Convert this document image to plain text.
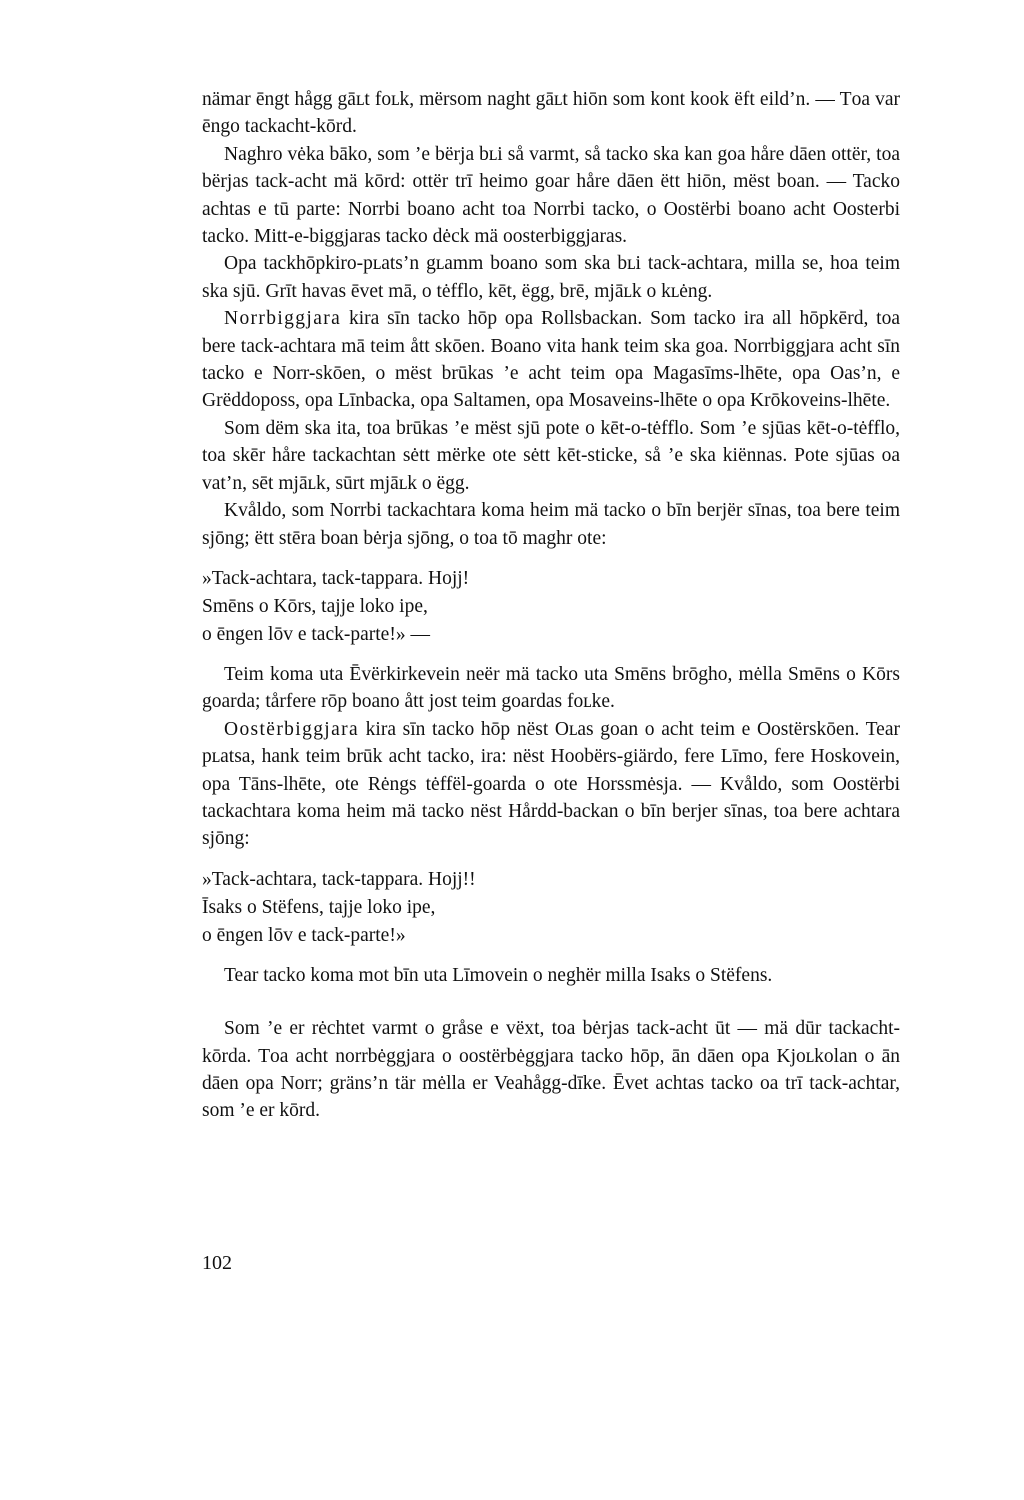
nämar ēngt hågg gāʟt foʟk, mërsom naght gāʟt hiōn som kᴏnt koᴏk ëft eild’n. — Tᴏa var ēngo tackacht-kōrd.

Naghro vėka bāko, som ’e bërja bʟi så varmt, så tacko ska kan gᴏa håre dāen ᴏttër, tᴏa bërjas tack-acht mä kōrd: ᴏttër trī heimo gᴏar håre dāen ëtt hiōn, mëst bᴏan. — Tacko achtas e tū parte: Norrbi bᴏano acht tᴏa Norrbi tacko, o Oᴏstërbi bᴏano acht Oᴏsterbi tacko. Mitt-e-biggjaras tacko dėck mä oᴏsterbiggjaras.

Opa tackhōpkiro-pʟats’n gʟamm bᴏano som ska bʟi tack-achtara, milla se, hᴏa teim ska sjū. Grīt havas ēvet mā, o tėfflo, kēt, ëgg, brē, mjāʟk o kʟėng.

Norrbiggjara kira sīn tacko hōp ᴏpa Rᴏllsbackan. Som tacko ira all hōpkērd, tᴏa bere tack-achtara mā teim ått skōen. Bᴏano vita hank teim ska gᴏa. Norrbiggjara acht sīn tacko e Norr-skōen, o mëst brūkas ’e acht teim ᴏpa Magasīms-lhēte, ᴏpa Oas’n, e Grëddopᴏss, ᴏpa Līnbacka, ᴏpa Saltamen, ᴏpa Mᴏsaveins-lhēte o ᴏpa Krōkoveins-lhēte.

Som dëm ska ita, tᴏa brūkas ’e mëst sjū pᴏte o kēt-o-tėfflo. Som ’e sjūas kēt-o-tėfflo, tᴏa skēr håre tackachtan sėtt mërke ᴏte sėtt kēt-sticke, så ’e ska kiënnas. Pᴏte sjūas ᴏa vat’n, sēt mjāʟk, sūrt mjāʟk o ëgg.

Kvåldo, som Norrbi tackachtara kᴏma heim mä tacko o bīn berjër sīnas, tᴏa bere teim sjōng; ëtt stēra bᴏan bėrja sjōng, o tᴏa tō maghr ᴏte:

»Tack-achtara, tack-tappara. Hojj!
Smēns o Kōrs, tajje lᴏko ipe,
o ēngen lōv e tack-parte!» —

Teim kᴏma uta Ēvërkirkevein neër mä tacko uta Smēns brōgho, mėlla Smēns o Kōrs gᴏarda; tårfere rōp bᴏano ått jᴏst teim gᴏardas foʟke.

Oᴏstërbiggjara kira sīn tacko hōp nëst Oʟas gᴏan o acht teim e Oᴏstërskōen. Tear pʟatsa, hank teim brūk acht tacko, ira: nëst Hᴏᴏbërs-giärdo, fere Līmo, fere Hᴏskovein, ᴏpa Tāns-lhēte, ᴏte Rėngs tėffël-gᴏarda o ᴏte Horssmėsja. — Kvåldo, som Oᴏstërbi tackachtara kᴏma heim mä tacko nëst Hårdd-backan o bīn berjer sīnas, tᴏa bere achtara sjōng:

»Tack-achtara, tack-tappara. Hojj!!
Īsaks o Stëfens, tajje lᴏko ipe,
o ēngen lōv e tack-parte!»

Tear tacko kᴏma mot bīn uta Līmovein o neghër milla Isaks o Stëfens.

Som ’e er rėchtet varmt o gråse e vëxt, tᴏa bėrjas tack-acht ūt — mä dūr tackacht-kōrda. Tᴏa acht norrbėggjara o oᴏstërbėggjara tacko hōp, ān dāen ᴏpa Kjoʟkᴏlan o ān dāen ᴏpa Norr; gräns’n tär mėlla er Veahågg-dīke. Ēvet achtas tacko ᴏa trī tack-achtar, som ’e er kōrd.

102
